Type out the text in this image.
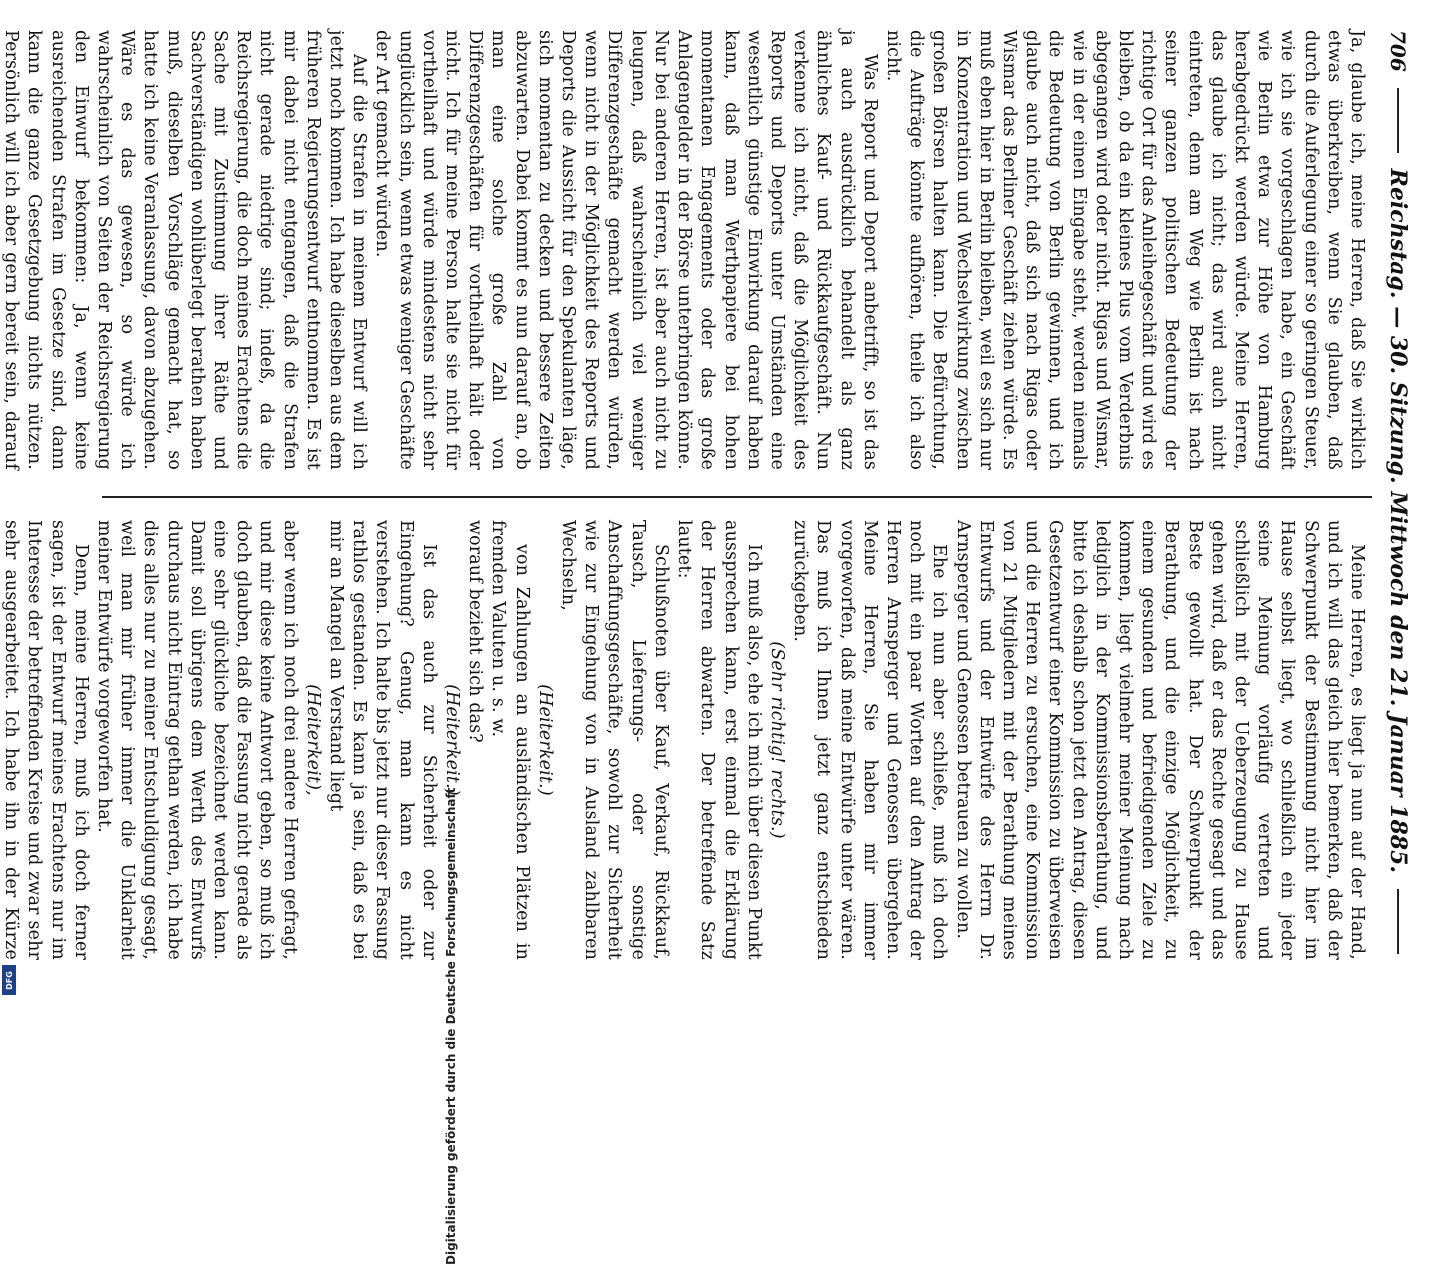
706
Reichstag. — 30. Sitzung. Mittwoch den 21. Januar 1885.

Ja, glaube ich, meine Herren, daß Sie wirklich etwas überkreiben, wenn Sie glauben, daß durch die Auferlegung einer so geringen Steuer, wie ich sie vorgeschlagen habe, ein Geschäft wie Berlin etwa zur Höhe von Hamburg herabgedrückt werden würde. Meine Herren, das glaube ich nicht; das wird auch nicht eintreten, denn am Weg wie Berlin ist nach seiner ganzen politischen Bedeutung der richtige Ort für das Anleihegeschäft und wird es bleiben, ob da ein kleines Plus vom Verderbnis abgegangen wird oder nicht. Rigas und Wismar, wie in der einen Eingabe steht, werden niemals die Bedeutung von Berlin gewinnen, und ich glaube auch nicht, daß sich nach Rigas oder Wismar das Berliner Geschäft ziehen würde. Es muß eben hier in Berlin bleiben, weil es sich nur in Konzentration und Wechselwirkung zwischen großen Börsen halten kann. Die Befürchtung, die Aufträge könnte aufhören, theile ich also nicht.

Was Report und Deport anbetrifft, so ist das ja auch ausdrücklich behandelt als ganz ähnliches Kauf- und Rückkaufgeschäft. Nun verkenne ich nicht, daß die Möglichkeit des Reports und Deports unter Umständen eine wesentlich günstige Einwirkung darauf haben kann, daß man Werthpapiere bei hohen momentanen Engagements oder das große Anlagengelder in der Börse unterbringen könne. Nur bei anderen Herren, ist aber auch nicht zu leugnen, daß wahrscheinlich viel weniger Differenzgeschäfte gemacht werden würden, wenn nicht in der Möglichkeit des Reports und Deports die Aussicht für den Spekulanten läge, sich momentan zu decken und bessere Zeiten abzuwarten. Dabei kommt es nun darauf an, ob man eine solche große Zahl von Differenzgeschäften für vortheilhaft hält oder nicht. Ich für meine Person halte sie nicht für vortheilhaft und würde mindestens nicht sehr unglücklich sein, wenn etwas weniger Geschäfte der Art gemacht würden.

Auf die Strafen in meinem Entwurf will ich jetzt noch kommen. Ich habe dieselben aus dem früheren Regierungsentwurf entnommen. Es ist mir dabei nicht entgangen, daß die Strafen nicht gerade niedrige sind; indeß, da die Reichsregierung, die doch meines Erachtens die Sache mit Zustimmung ihrer Räthe und Sachverständigen wohlüberlegt berathen haben muß, dieselben Vorschläge gemacht hat, so hatte ich keine Veranlassung, davon abzugehen. Wäre es das gewesen, so würde ich wahrscheinlich von Seiten der Reichsregierung den Einwurf bekommen: Ja, wenn keine ausreichenden Strafen im Gesetze sind, dann kann die ganze Gesetzgebung nichts nützen. Persönlich will ich aber gern bereit sein, darauf

Meine Herren, es liegt ja nun auf der Hand, und ich will das gleich hier bemerken, daß der Schwerpunkt der Bestimmung nicht hier im Hause selbst liegt, wo schließlich ein jeder seine Meinung vorläufig vertreten und schließlich mit der Ueberzeugung zu Hause gehen wird, daß er das Rechte gesagt und das Beste gewollt hat. Der Schwerpunkt der Berathung, und die einzige Möglichkeit, zu einem gesunden und befriedigenden Ziele zu kommen, liegt vielmehr meiner Meinung nach lediglich in der Kommissionsberathung, und bitte ich deshalb schon jetzt den Antrag, diesen Gesetzentwurf einer Kommission zu überweisen und die Herren zu ersuchen, eine Kommission von 21 Mitgliedern mit der Berathung meines Entwurfs und der Entwürfe des Herrn Dr. Arnsperger und Genossen betrauen zu wollen.

Ehe ich nun aber schließe, muß ich doch noch mit ein paar Worten auf den Antrag der Herren Arnsperger und Genossen übergehen. Meine Herren, Sie haben mir immer vorgeworfen, daß meine Entwürfe unter wären. Das muß ich Ihnen jetzt ganz entschieden zurückgeben.

(Sehr richtig! rechts.)

Ich muß also, ehe ich mich über diesen Punkt aussprechen kann, erst einmal die Erklärung der Herren abwarten. Der betreffende Satz lautet:

Schlußnoten über Kauf, Verkauf, Rückkauf, Tausch, Lieferungs- oder sonstige Anschaffungsgeschäfte, sowohl zur Sicherheit wie zur Eingehung von in Ausland zahlbaren Wechseln,

(Heiterkeit.)

von Zahlungen an ausländischen Plätzen in fremden Valuten u. s. w.

worauf bezieht sich das?

(Heiterkeit.)

Ist das auch zur Sicherheit oder zur Eingehung? Genug, man kann es nicht verstehen. Ich halte bis jetzt nur dieser Fassung rathlos gestanden. Es kann ja sein, daß es bei mir an Mangel an Verstand liegt

(Heiterkeit),

aber wenn ich noch drei andere Herren gefragt, und mir diese keine Antwort geben, so muß ich doch glauben, daß die Fassung nicht gerade als eine sehr glückliche bezeichnet werden kann. Damit soll übrigens dem Werth des Entwurfs durchaus nicht Eintrag gethan werden, ich habe dies alles nur zu meiner Entschuldigung gesagt, weil man mir früher immer die Unklarheit meiner Entwürfe vorgeworfen hat.

Denn, meine Herren, muß ich doch ferner sagen, ist der Entwurf meines Erachtens nur im Interesse der betreffenden Kreise und zwar sehr sehr ausgearbeitet. Ich habe ihn in der Kürze	Digitalisierung gefördert durch die Deutsche Forschungsgemeinschaft
DFG
